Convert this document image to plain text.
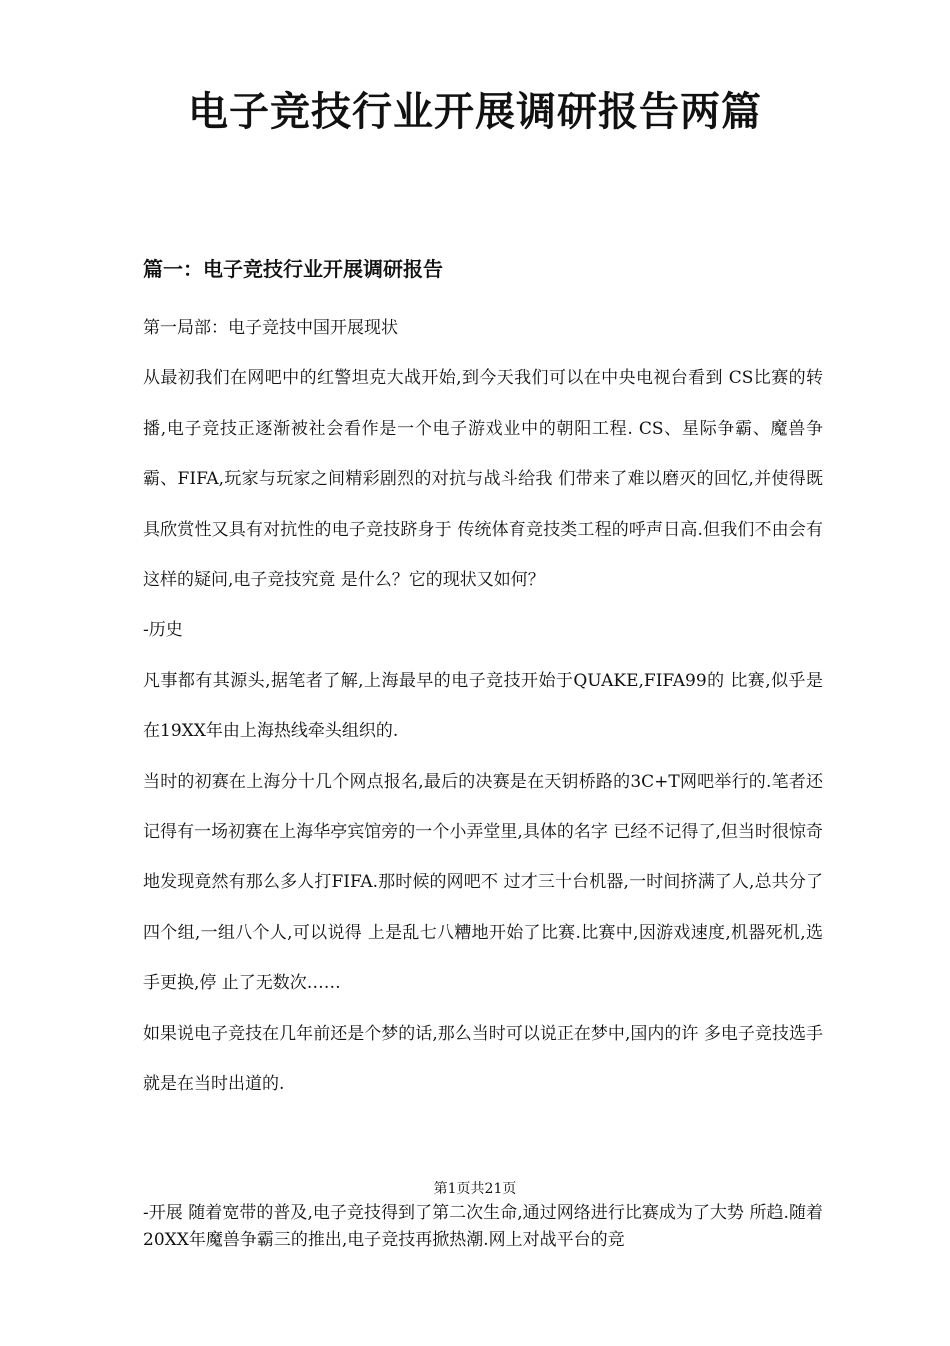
电子竞技行业开展调研报告两篇
篇一：电子竞技行业开展调研报告

第一局部：电子竞技中国开展现状

从最初我们在网吧中的红警坦克大战开始,到今天我们可以在中央电视台看到 CS比赛的转播,电子竞技正逐渐被社会看作是一个电子游戏业中的朝阳工程. CS、星际争霸、魔兽争霸、FIFA,玩家与玩家之间精彩剧烈的对抗与战斗给我 们带来了难以磨灭的回忆,并使得既具欣赏性又具有对抗性的电子竞技跻身于 传统体育竞技类工程的呼声日高.但我们不由会有这样的疑问,电子竞技究竟 是什么？它的现状又如何？

-历史

凡事都有其源头,据笔者了解,上海最早的电子竞技开始于QUAKE,FIFA99的 比赛,似乎是在19XX年由上海热线牵头组织的.

当时的初赛在上海分十几个网点报名,最后的决赛是在天钥桥路的3C+T网吧举行的.笔者还记得有一场初赛在上海华亭宾馆旁的一个小弄堂里,具体的名字 已经不记得了,但当时很惊奇地发现竟然有那么多人打FIFA.那时候的网吧不 过才三十台机器,一时间挤满了人,总共分了四个组,一组八个人,可以说得 上是乱七八糟地开始了比赛.比赛中,因游戏速度,机器死机,选手更换,停 止了无数次……

如果说电子竞技在几年前还是个梦的话,那么当时可以说正在梦中,国内的许 多电子竞技选手就是在当时出道的.

第1页共21页

-开展 随着宽带的普及,电子竞技得到了第二次生命,通过网络进行比赛成为了大势 所趋.随着20XX年魔兽争霸三的推出,电子竞技再掀热潮.网上对战平台的竞
